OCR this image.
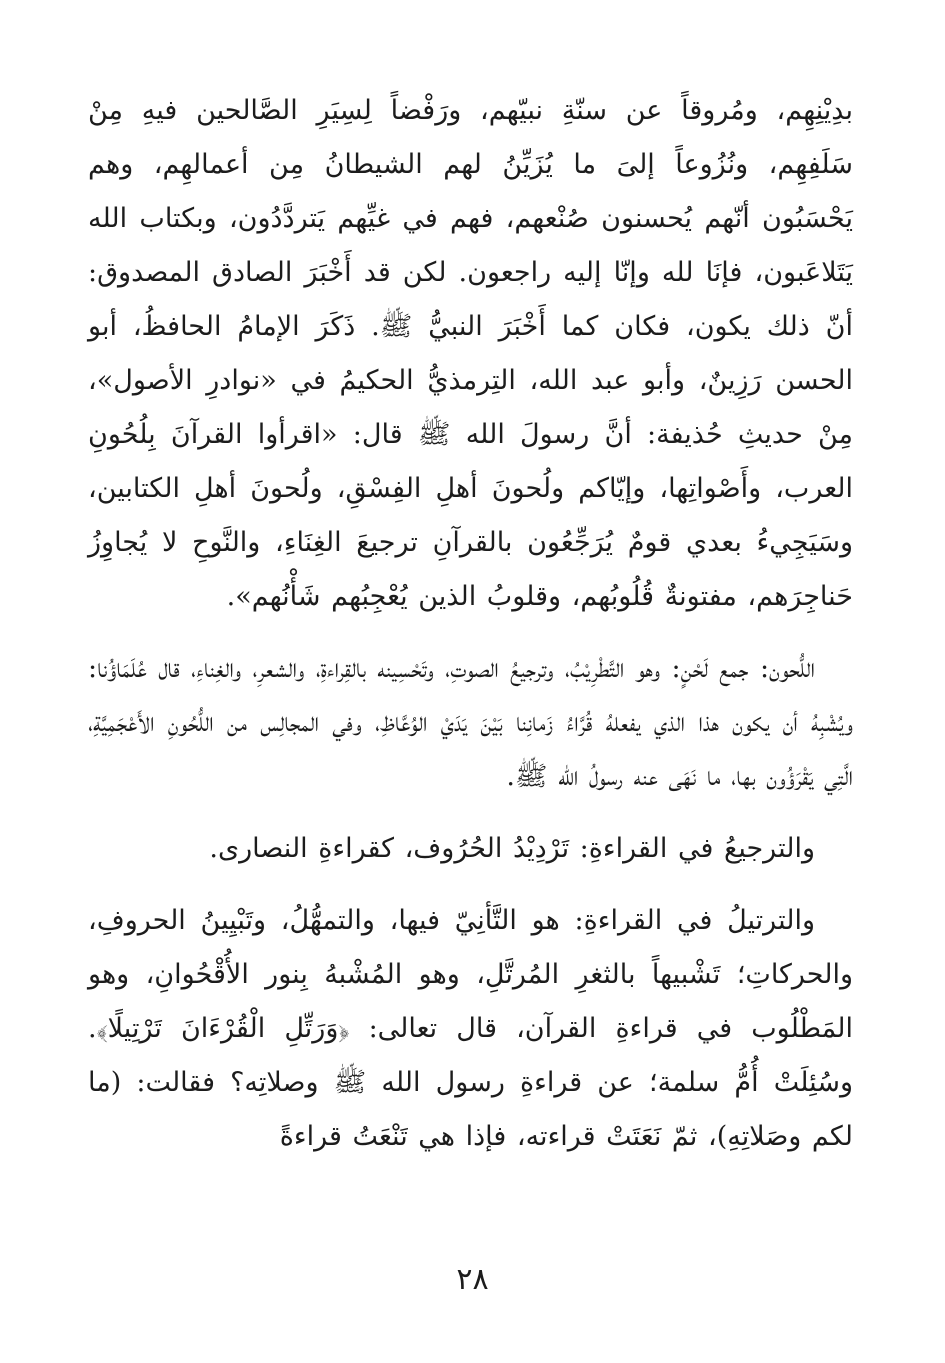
بدِيْنِهِم، ومُروقاً عن سنّةِ نبيّهم، ورَفْضاً لِسِيَرِ الصَّالحين فيهِ مِنْ سَلَفِهِم، ونُزُوعاً إلىَ ما يُزَيِّنُ لهم الشيطانُ مِن أعمالهِم، وهم يَحْسَبُون أنّهم يُحسنون صُنْعهم، فهم في غيِّهم يَتردَّدُون، وبكتاب الله يَتَلاعَبون، فإنَا لله وإنّا إليه راجعون. لكن قد أَخْبَرَ الصادق المصدوق: أنّ ذلك يكون، فكان كما أَخْبَرَ النبيُّ ﷺ. ذَكَرَ الإمامُ الحافظُ، أبو الحسن رَزِينٌ، وأبو عبد الله، التِرمذيُّ الحكيمُ في «نوادرِ الأصول»، مِنْ حديثِ حُذيفة: أنَّ رسولَ الله ﷺ قال: «اقرأوا القرآنَ بِلُحُونِ العرب، وأَصْواتِها، وإيّاكم ولُحونَ أهلِ الفِسْقِ، ولُحونَ أهلِ الكتابين، وسَيَجِيءُ بعدي قومٌ يُرَجِّعُون بالقرآنِ ترجيعَ الغِنَاءِ، والنَّوحِ لا يُجاوِزُ حَناجِرَهم، مفتونةٌ قُلُوبُهم، وقلوبُ الذين يُعْجِبُهم شَأْنُهم».

اللُّحون: جمع لَحْنٍ: وهو التَّطْرِيْبُ، وترجيعُ الصوتِ، وتَحْسِينه بالقِراءةِ، والشعرِ، والغِناءِ، قال عُلَمَاؤُنا: ويُشْبِهُ أن يكون هذا الذي يفعلهُ قُرَّاءُ زَمانِنا بَيْنَ يَدَيْ الوُعَّاظِ، وفي المجالِس من اللُّحُونِ الأَعْجَمِيَّةِ، الَّتِي يَقْرَؤُون بها، ما نَهَى عنه رسولُ الله ﷺ.

والترجيعُ في القراءةِ: تَرْدِيْدُ الحُرُوف، كقراءةِ النصارى.

والترتيلُ في القراءةِ: هو التَّأنِيّ فيها، والتمهُّلُ، وتَبْيِينُ الحروفِ، والحركاتِ؛ تَشْبيهاً بالثغرِ المُرتَّلِ، وهو المُشْبهُ بِنور الأُقْحُوانِ، وهو المَطْلُوب في قراءةِ القرآن، قال تعالى: ﴿وَرَتِّلِ الْقُرْءَانَ تَرْتِيلًا﴾. وسُئِلَتْ أُمُّ سلمة؛ عن قراءةِ رسول الله ﷺ وصلاتِه؟ فقالت: (ما لكم وصَلاتِهِ)، ثمّ نَعَتَتْ قراءته، فإذا هي تَنْعَتُ قراءةً

٢٨
